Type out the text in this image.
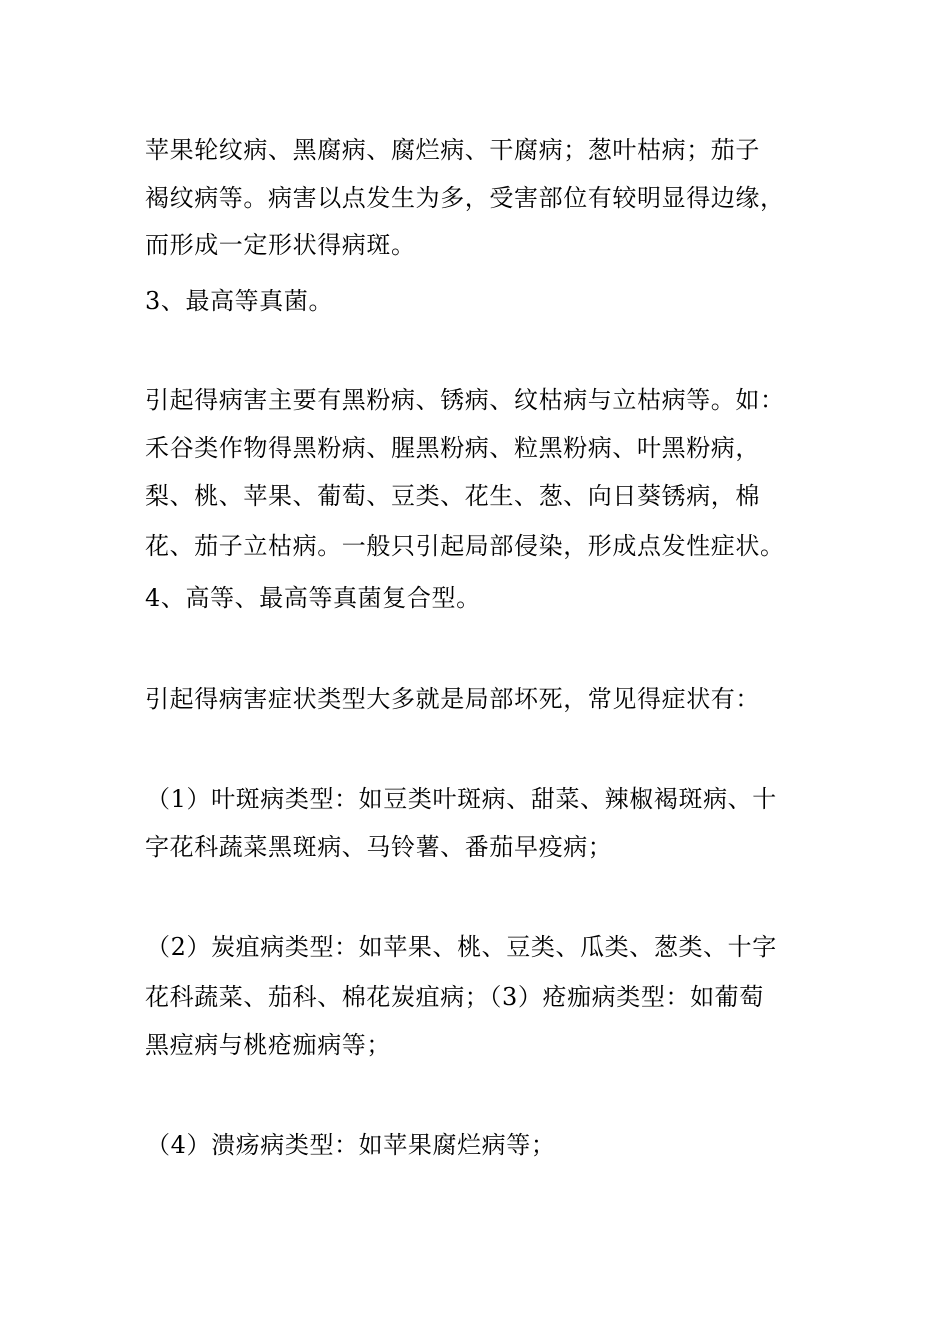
苹果轮纹病、黑腐病、腐烂病、干腐病；葱叶枯病；茄子
褐纹病等。病害以点发生为多，受害部位有较明显得边缘，
而形成一定形状得病斑。
3、最高等真菌。
引起得病害主要有黑粉病、锈病、纹枯病与立枯病等。如：
禾谷类作物得黑粉病、腥黑粉病、粒黑粉病、叶黑粉病，
梨、桃、苹果、葡萄、豆类、花生、葱、向日葵锈病，棉
花、茄子立枯病。一般只引起局部侵染，形成点发性症状。
4、高等、最高等真菌复合型。
引起得病害症状类型大多就是局部坏死，常见得症状有：
（1）叶斑病类型：如豆类叶斑病、甜菜、辣椒褐斑病、十
字花科蔬菜黑斑病、马铃薯、番茄早疫病；
（2）炭疽病类型：如苹果、桃、豆类、瓜类、葱类、十字
花科蔬菜、茄科、棉花炭疽病；（3）疮痂病类型：如葡萄
黑痘病与桃疮痂病等；
（4）溃疡病类型：如苹果腐烂病等；
